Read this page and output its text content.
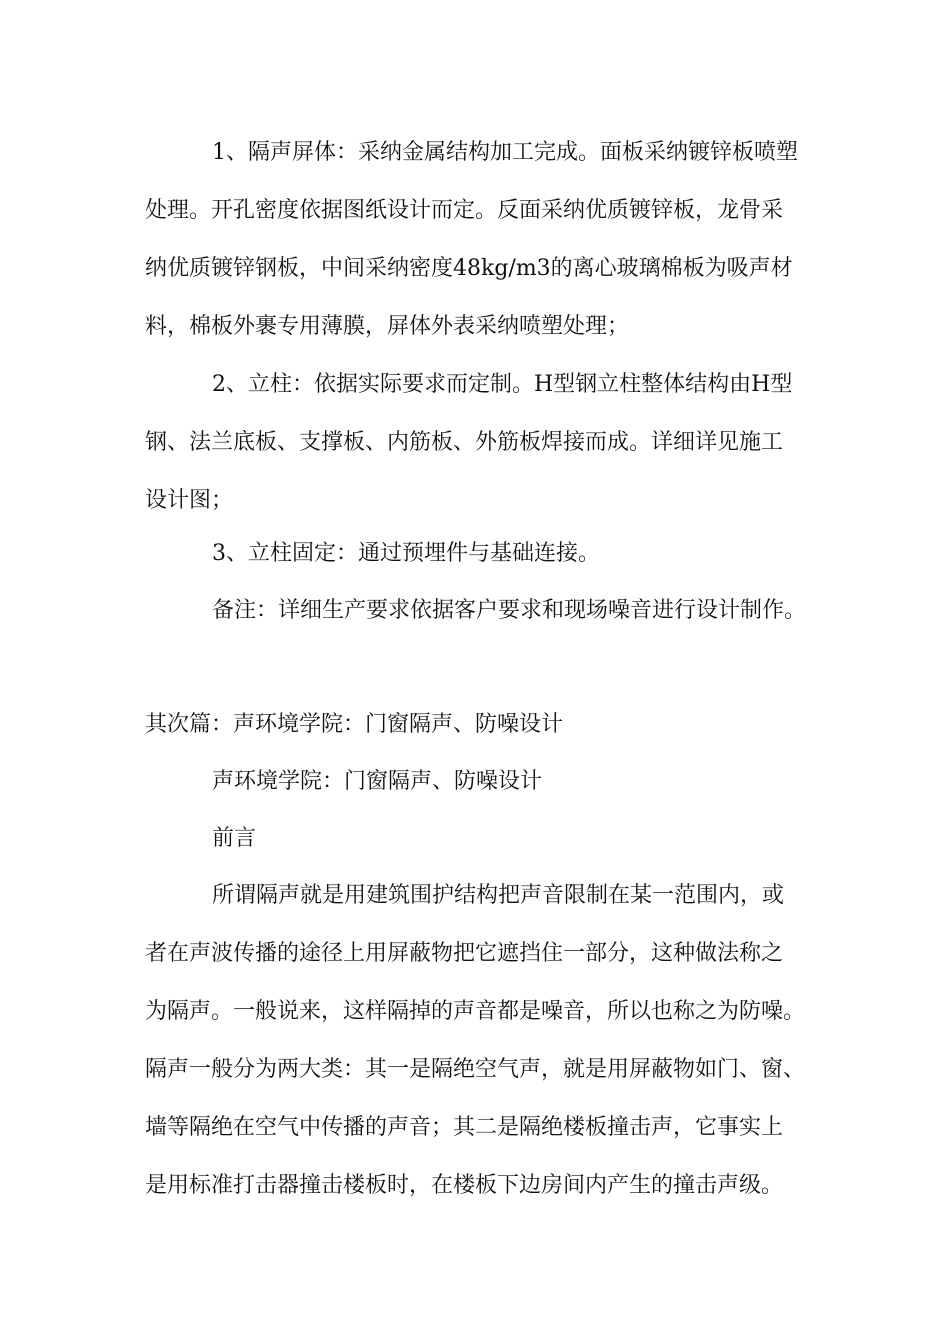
1、隔声屏体：采纳金属结构加工完成。面板采纳镀锌板喷塑
处理。开孔密度依据图纸设计而定。反面采纳优质镀锌板，龙骨采
纳优质镀锌钢板，中间采纳密度48kg/m3的离心玻璃棉板为吸声材
料，棉板外裹专用薄膜，屏体外表采纳喷塑处理；
2、立柱：依据实际要求而定制。H型钢立柱整体结构由H型
钢、法兰底板、支撑板、内筋板、外筋板焊接而成。详细详见施工
设计图；
3、立柱固定：通过预埋件与基础连接。
备注：详细生产要求依据客户要求和现场噪音进行设计制作。
其次篇：声环境学院：门窗隔声、防噪设计
声环境学院：门窗隔声、防噪设计
前言
所谓隔声就是用建筑围护结构把声音限制在某一范围内，或
者在声波传播的途径上用屏蔽物把它遮挡住一部分，这种做法称之
为隔声。一般说来，这样隔掉的声音都是噪音，所以也称之为防噪。
隔声一般分为两大类：其一是隔绝空气声，就是用屏蔽物如门、窗、
墙等隔绝在空气中传播的声音；其二是隔绝楼板撞击声，它事实上
是用标准打击器撞击楼板时，在楼板下边房间内产生的撞击声级。
